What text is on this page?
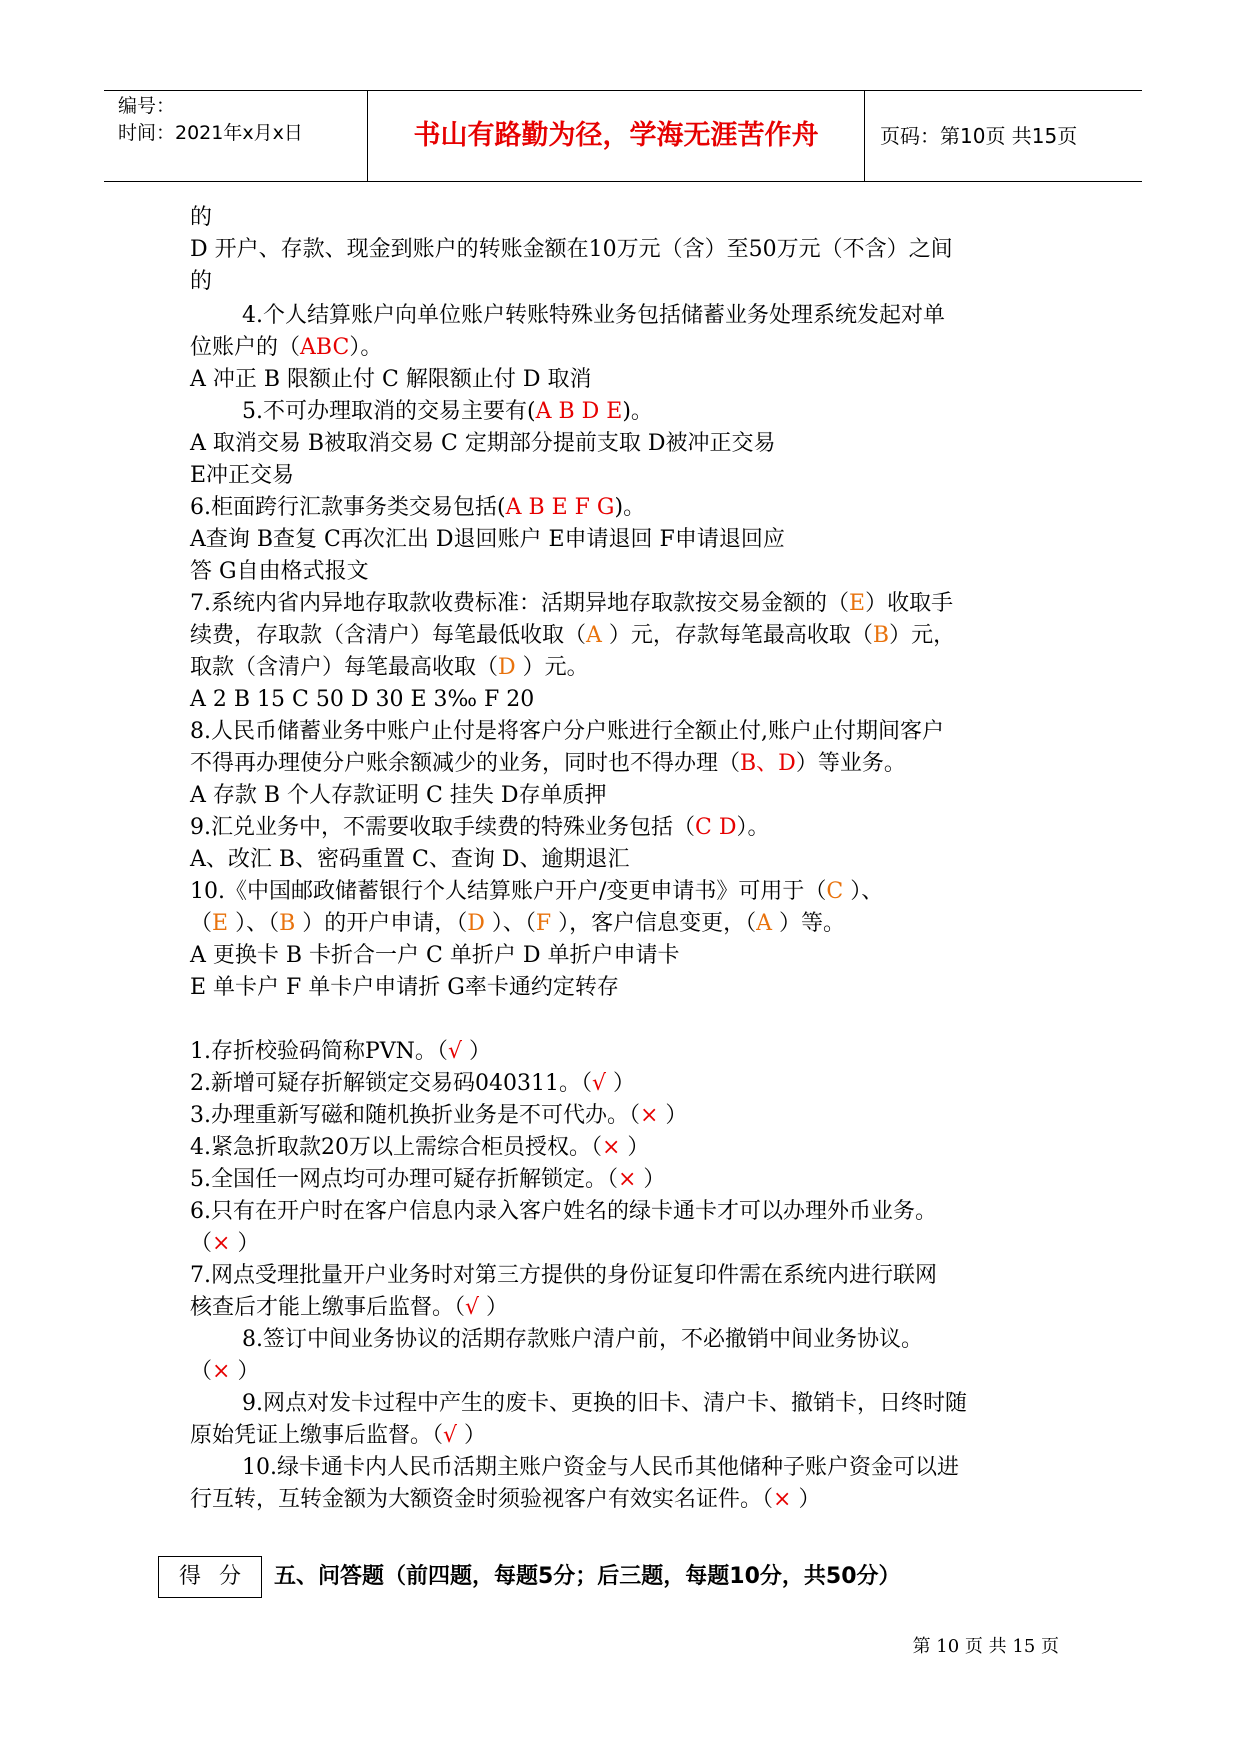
编号：
时间：2021年x月x日	书山有路勤为径，学海无涯苦作舟	页码：第10页 共15页
的
D 开户、存款、现金到账户的转账金额在10万元（含）至50万元（不含）之间
的
4.个人结算账户向单位账户转账特殊业务包括储蓄业务处理系统发起对单
位账户的（ABC）。
A 冲正 B 限额止付 C 解限额止付 D 取消
5.不可办理取消的交易主要有(A B D E)。
A 取消交易 B被取消交易 C 定期部分提前支取 D被冲正交易
E冲正交易
6.柜面跨行汇款事务类交易包括(A B E F G)。
A查询 B查复 C再次汇出 D退回账户 E申请退回 F申请退回应
答 G自由格式报文
7.系统内省内异地存取款收费标准：活期异地存取款按交易金额的（E）收取手
续费，存取款（含清户）每笔最低收取（A ）元，存款每笔最高收取（B）元，
取款（含清户）每笔最高收取（D ）元。
A 2 B 15 C 50 D 30 E 3‰ F 20
8.人民币储蓄业务中账户止付是将客户分户账进行全额止付,账户止付期间客户
不得再办理使分户账余额减少的业务，同时也不得办理（B、D）等业务。
A 存款 B 个人存款证明 C 挂失 D存单质押
9.汇兑业务中，不需要收取手续费的特殊业务包括（C D）。
A、改汇 B、密码重置 C、查询 D、逾期退汇
10.《中国邮政储蓄银行个人结算账户开户/变更申请书》可用于（C ）、
（E ）、（B ）的开户申请，（D ）、（F ），客户信息变更，（A ）等。
A 更换卡 B 卡折合一户 C 单折户 D 单折户申请卡
E 单卡户 F 单卡户申请折 G率卡通约定转存
1.存折校验码简称PVN。（√ ）
2.新增可疑存折解锁定交易码040311。（√ ）
3.办理重新写磁和随机换折业务是不可代办。（× ）
4.紧急折取款20万以上需综合柜员授权。（× ）
5.全国任一网点均可办理可疑存折解锁定。（× ）
6.只有在开户时在客户信息内录入客户姓名的绿卡通卡才可以办理外币业务。
（× ）
7.网点受理批量开户业务时对第三方提供的身份证复印件需在系统内进行联网
核查后才能上缴事后监督。（√ ）
8.签订中间业务协议的活期存款账户清户前，不必撤销中间业务协议。
（× ）
9.网点对发卡过程中产生的废卡、更换的旧卡、清户卡、撤销卡，日终时随
原始凭证上缴事后监督。（√ ）
10.绿卡通卡内人民币活期主账户资金与人民币其他储种子账户资金可以进
行互转，互转金额为大额资金时须验视客户有效实名证件。（× ）
得分 五、问答题（前四题，每题5分；后三题，每题10分，共50分）
第 10 页 共 15 页
